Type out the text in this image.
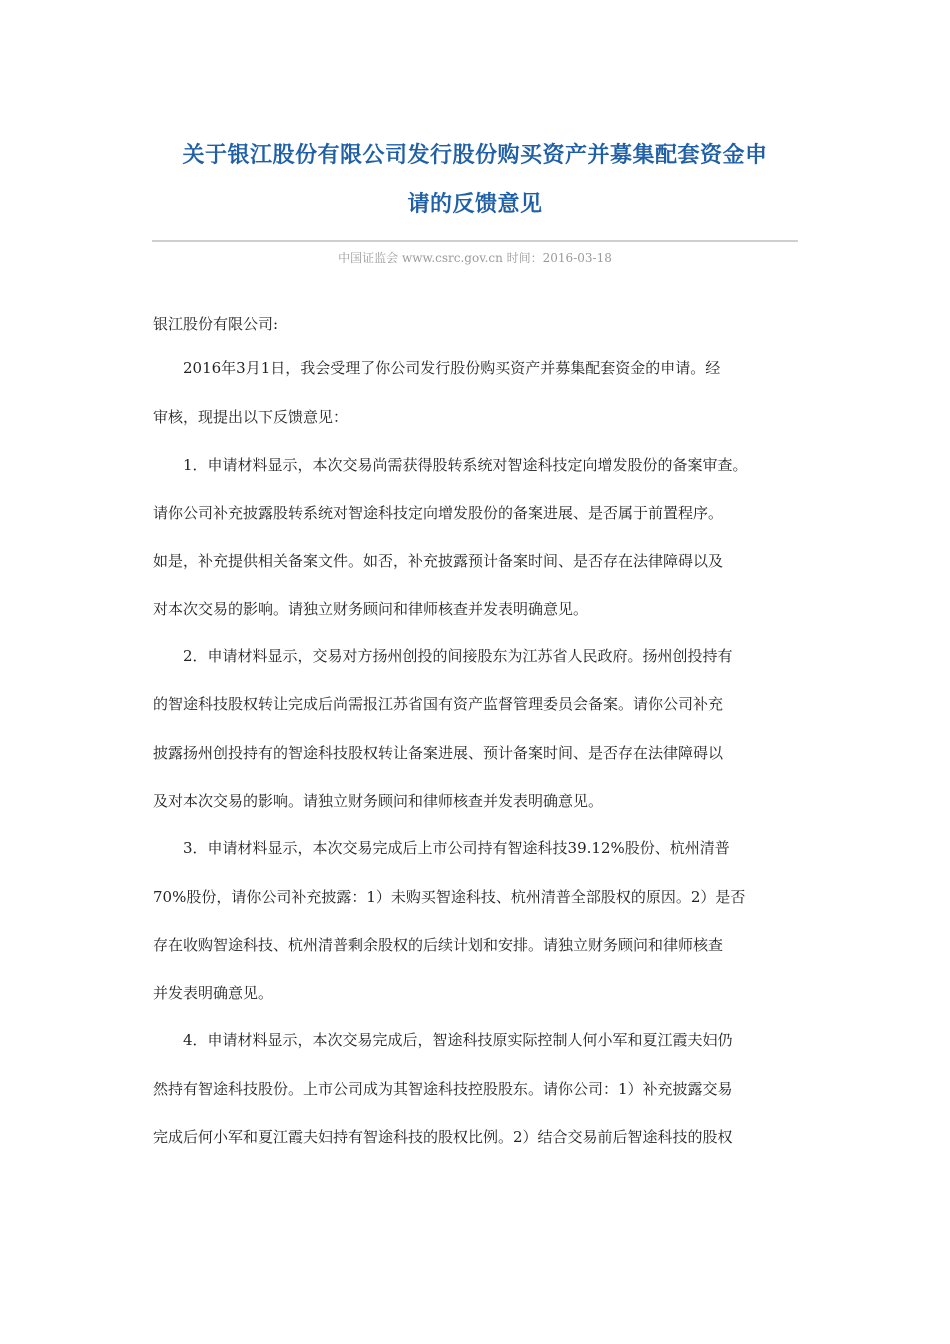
关于银江股份有限公司发行股份购买资产并募集配套资金申
请的反馈意见
中国证监会 www.csrc.gov.cn 时间：2016-03-18
银江股份有限公司:
　　2016年3月1日，我会受理了你公司发行股份购买资产并募集配套资金的申请。经
审核，现提出以下反馈意见：
　　1．申请材料显示，本次交易尚需获得股转系统对智途科技定向增发股份的备案审查。
请你公司补充披露股转系统对智途科技定向增发股份的备案进展、是否属于前置程序。
如是，补充提供相关备案文件。如否，补充披露预计备案时间、是否存在法律障碍以及
对本次交易的影响。请独立财务顾问和律师核查并发表明确意见。
　　2．申请材料显示，交易对方扬州创投的间接股东为江苏省人民政府。扬州创投持有
的智途科技股权转让完成后尚需报江苏省国有资产监督管理委员会备案。请你公司补充
披露扬州创投持有的智途科技股权转让备案进展、预计备案时间、是否存在法律障碍以
及对本次交易的影响。请独立财务顾问和律师核查并发表明确意见。
　　3．申请材料显示，本次交易完成后上市公司持有智途科技39.12%股份、杭州清普
70%股份，请你公司补充披露：1）未购买智途科技、杭州清普全部股权的原因。2）是否
存在收购智途科技、杭州清普剩余股权的后续计划和安排。请独立财务顾问和律师核查
并发表明确意见。
　　4．申请材料显示，本次交易完成后，智途科技原实际控制人何小军和夏江霞夫妇仍
然持有智途科技股份。上市公司成为其智途科技控股股东。请你公司：1）补充披露交易
完成后何小军和夏江霞夫妇持有智途科技的股权比例。2）结合交易前后智途科技的股权
